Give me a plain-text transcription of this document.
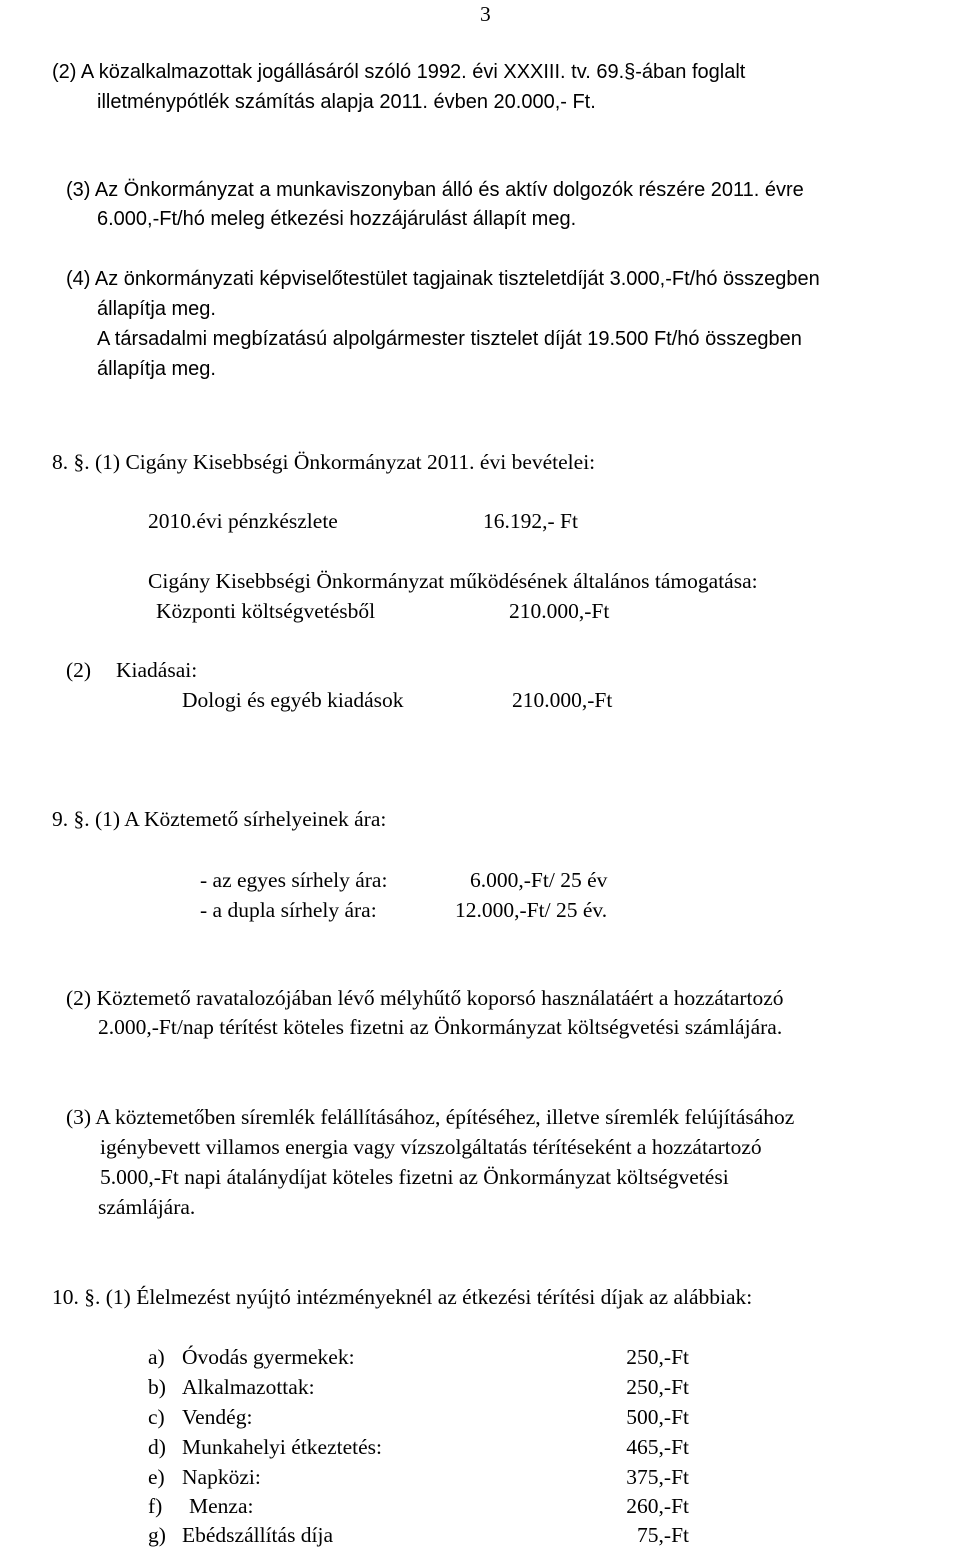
3
(2) A közalkalmazottak jogállásáról szóló 1992. évi XXXIII. tv. 69.§-ában foglalt
illetménypótlék számítás alapja 2011. évben 20.000,- Ft.
(3) Az Önkormányzat a munkaviszonyban álló és aktív dolgozók részére 2011. évre
6.000,-Ft/hó meleg étkezési hozzájárulást állapít meg.
(4) Az önkormányzati képviselőtestület tagjainak tiszteletdíját 3.000,-Ft/hó összegben
állapítja meg.
A társadalmi megbízatású alpolgármester tisztelet díját 19.500 Ft/hó összegben
állapítja meg.
8. §. (1) Cigány Kisebbségi Önkormányzat 2011. évi bevételei:
2010.évi pénzkészlete	16.192,- Ft
Cigány Kisebbségi Önkormányzat működésének általános támogatása:
Központi költségvetésből	210.000,-Ft
(2) Kiadásai:
Dologi és egyéb kiadások	210.000,-Ft
9. §. (1) A Köztemető sírhelyeinek ára:
- az egyes sírhely ára:	6.000,-Ft/ 25 év
- a dupla sírhely ára:	12.000,-Ft/ 25 év.
(2) Köztemető ravatalozójában lévő mélyhűtő koporsó használatáért a hozzátartozó
2.000,-Ft/nap térítést köteles fizetni az Önkormányzat költségvetési számlájára.
(3) A köztemetőben síremlék felállításához, építéséhez, illetve síremlék felújításához
igénybevett villamos energia vagy vízszolgáltatás térítéseként a hozzátartozó
5.000,-Ft napi átalánydíjat köteles fizetni az Önkormányzat költségvetési
számlájára.
10. §. (1) Élelmezést nyújtó intézményeknél az étkezési térítési díjak az alábbiak:
a) Óvodás gyermekek:	250,-Ft
b) Alkalmazottak:	250,-Ft
c) Vendég:	500,-Ft
d) Munkahelyi étkeztetés:	465,-Ft
e) Napközi:	375,-Ft
f) Menza:	260,-Ft
g) Ebédszállítás díja	75,-Ft
